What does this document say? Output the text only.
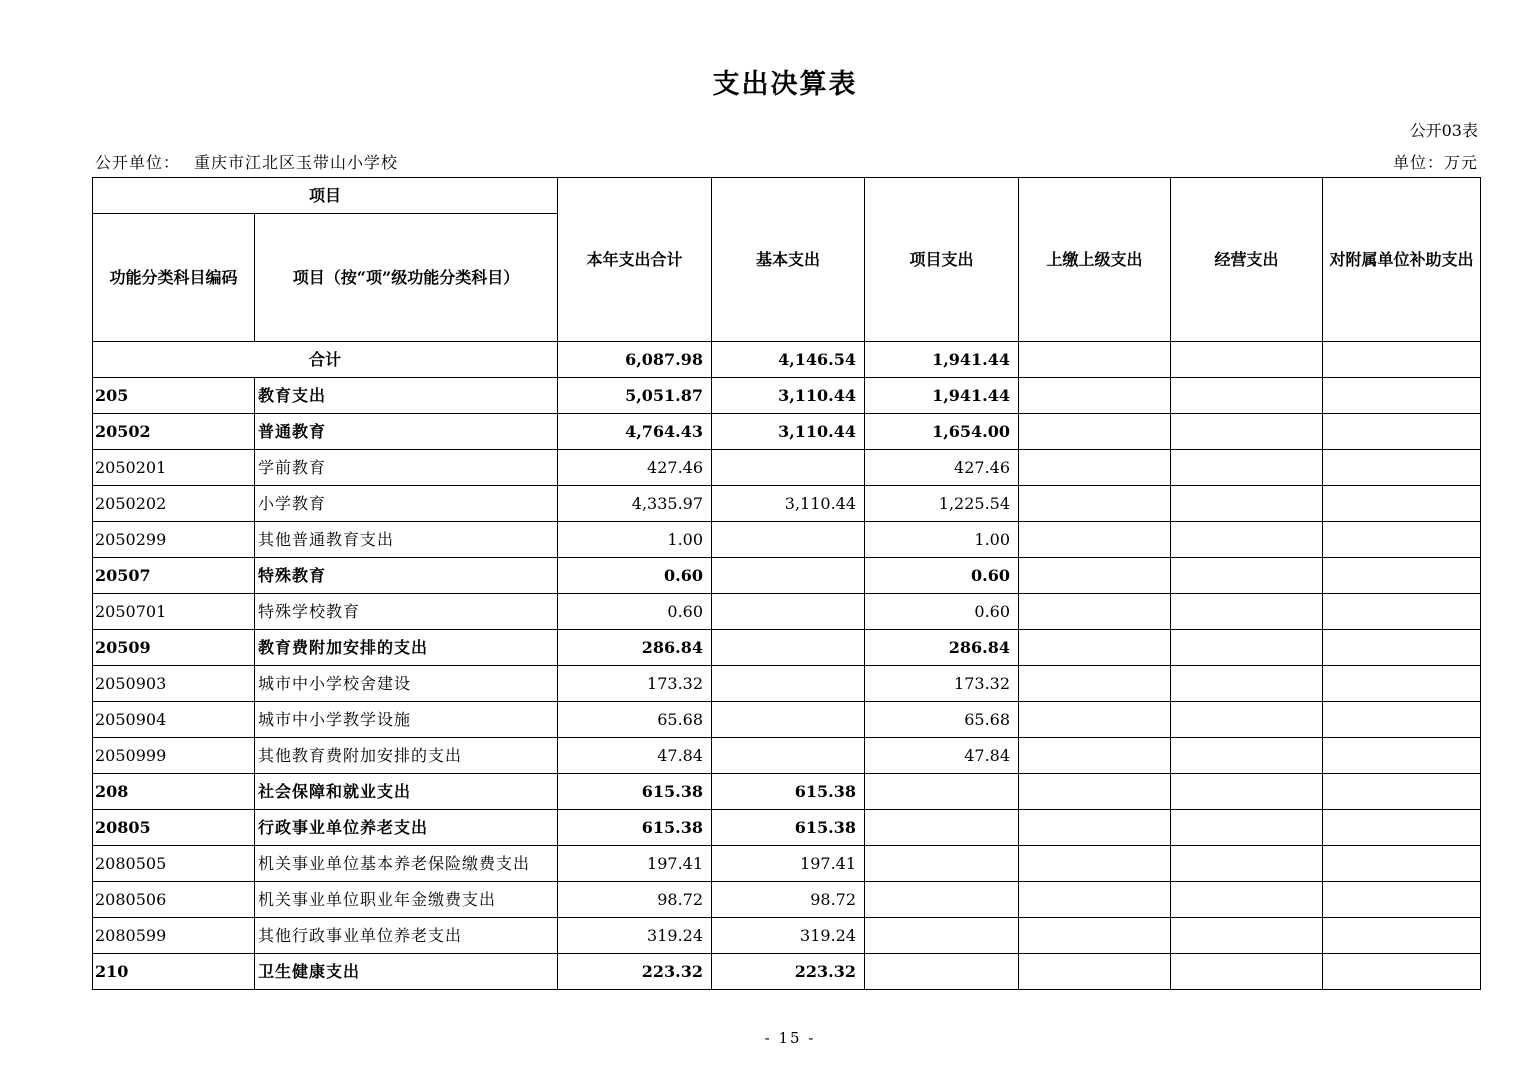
支出决算表
公开03表
公开单位： 重庆市江北区玉带山小学校	单位：万元
项目		本年支出合计	基本支出	项目支出	上缴上级支出	经营支出	对附属单位补助支出
功能分类科目编码	项目（按“项”级功能分类科目）						
合计		6,087.98	4,146.54	1,941.44			
205	教育支出	5,051.87	3,110.44	1,941.44			
20502	普通教育	4,764.43	3,110.44	1,654.00			
2050201	学前教育	427.46		427.46			
2050202	小学教育	4,335.97	3,110.44	1,225.54			
2050299	其他普通教育支出	1.00		1.00			
20507	特殊教育	0.60		0.60			
2050701	特殊学校教育	0.60		0.60			
20509	教育费附加安排的支出	286.84		286.84			
2050903	城市中小学校舍建设	173.32		173.32			
2050904	城市中小学教学设施	65.68		65.68			
2050999	其他教育费附加安排的支出	47.84		47.84			
208	社会保障和就业支出	615.38	615.38				
20805	行政事业单位养老支出	615.38	615.38				
2080505	机关事业单位基本养老保险缴费支出	197.41	197.41				
2080506	机关事业单位职业年金缴费支出	98.72	98.72				
2080599	其他行政事业单位养老支出	319.24	319.24				
210	卫生健康支出	223.32	223.32				
- 15 -
